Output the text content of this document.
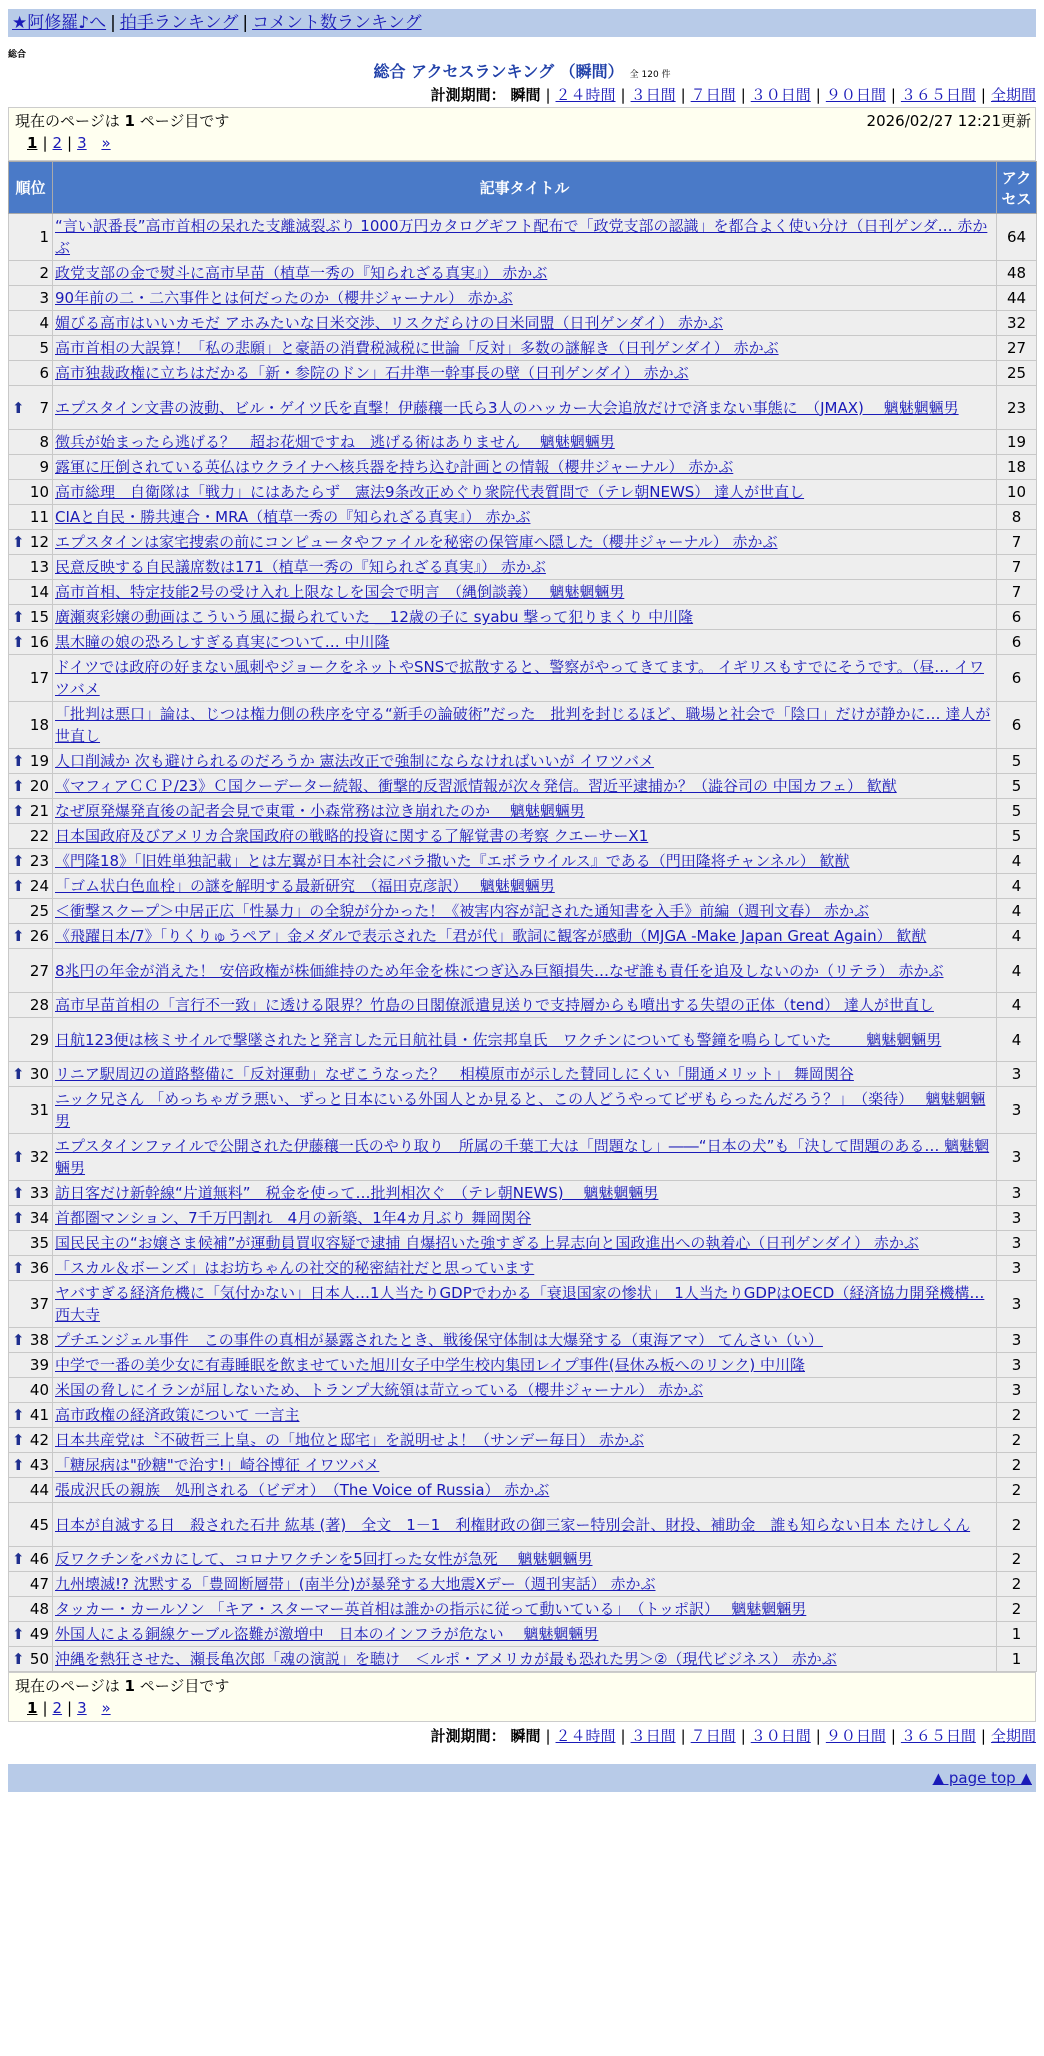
★阿修羅♪へ | 拍手ランキング | コメント数ランキング
総合
総合 アクセスランキング （瞬間） 全 120 件
計測期間： 瞬間 | ２４時間 | ３日間 | ７日間 | ３０日間 | ９０日間 | ３６５日間 | 全期間
現在のページは 1 ページ目です	2026/02/27 12:21更新
1 | 2 | 3 »
順位	記事タイトル	アクセス
1	“言い訳番長”高市首相の呆れた支離滅裂ぶり 1000万円カタログギフト配布で「政党支部の認識」を都合よく使い分け（日刊ゲンダ… 赤かぶ	64
2	政党支部の金で熨斗に高市早苗（植草一秀の『知られざる真実』） 赤かぶ	48
3	90年前の二・二六事件とは何だったのか（櫻井ジャーナル） 赤かぶ	44
4	媚びる高市はいいカモだ アホみたいな日米交渉、リスクだらけの日米同盟（日刊ゲンダイ） 赤かぶ	32
5	高市首相の大誤算！「私の悲願」と豪語の消費税減税に世論「反対」多数の謎解き（日刊ゲンダイ） 赤かぶ	27
6	高市独裁政権に立ちはだかる「新・参院のドン」石井準一幹事長の壁（日刊ゲンダイ） 赤かぶ	25

⬆ 7	エプスタイン文書の波動、ビル・ゲイツ氏を直撃！伊藤穰一氏ら3人のハッカー大会追放だけで済まない事態に　（JMAX)　 魑魅魍魎男	23
8	徴兵が始まったら逃げる？　超お花畑ですね　逃げる術はありません　 魑魅魍魎男	19
9	露軍に圧倒されている英仏はウクライナへ核兵器を持ち込む計画との情報（櫻井ジャーナル） 赤かぶ	18
10	高市総理　自衛隊は「戦力」にはあたらず　憲法9条改正めぐり衆院代表質問で（テレ朝NEWS） 達人が世直し	10
11	CIAと自民・勝共連合・MRA（植草一秀の『知られざる真実』） 赤かぶ	8

⬆ 12	エプスタインは家宅捜索の前にコンピュータやファイルを秘密の保管庫へ隠した（櫻井ジャーナル） 赤かぶ	7
13	民意反映する自民議席数は171（植草一秀の『知られざる真実』） 赤かぶ	7
14	高市首相、特定技能2号の受け入れ上限なしを国会で明言　（縄倒談義）　 魑魅魍魎男	7

⬆ 15	廣瀬爽彩嬢の動画はこういう風に撮られていた ＿12歳の子に syabu 撃って犯りまくり 中川隆	6

⬆ 16	黒木瞳の娘の恐ろしすぎる真実について… 中川隆	6
17	ドイツでは政府の好まない風刺やジョークをネットやSNSで拡散すると、警察がやってきてます。 イギリスもすでにそうです。（昼… イワツバメ	6
18	「批判は悪口」論は、じつは権力側の秩序を守る“新手の論破術”だった　批判を封じるほど、職場と社会で「陰口」だけが静かに… 達人が世直し	6

⬆ 19	人口削減か 次も避けられるのだろうか 憲法改正で強制にならなければいいが イワツバメ	5

⬆ 20	《マフィアＣＣＰ/23》Ｃ国クーデーター続報、衝撃的反習派情報が次々発信。習近平逮捕か？（澁谷司の 中国カフェ） 歓猷	5

⬆ 21	なぜ原発爆発直後の記者会見で東電・小森常務は泣き崩れたのか　 魑魅魍魎男	5
22	日本国政府及びアメリカ合衆国政府の戦略的投資に関する了解覚書の考察 クエーサーX1	5

⬆ 23	《門隆18》「旧姓単独記載」とは左翼が日本社会にバラ撒いた『エボラウイルス』である（門田隆将チャンネル） 歓猷	4

⬆ 24	「ゴム状白色血栓」の謎を解明する最新研究　（福田克彦訳）　 魑魅魍魎男	4
25	＜衝撃スクープ＞中居正広「性暴力」の全貌が分かった！《被害内容が記された通知書を入手》前編（週刊文春） 赤かぶ	4

⬆ 26	《飛躍日本/7》「りくりゅうペア」金メダルで表示された「君が代」歌詞に観客が感動（MJGA -Make Japan Great Again） 歓猷	4
27	8兆円の年金が消えた！ 安倍政権が株価維持のため年金を株につぎ込み巨額損失…なぜ誰も責任を追及しないのか（リテラ） 赤かぶ	4
28	高市早苗首相の「言行不一致」に透ける限界？竹島の日閣僚派遣見送りで支持層からも噴出する失望の正体（tend） 達人が世直し	4
29	日航123便は核ミサイルで撃墜されたと発言した元日航社員・佐宗邦皇氏　ワクチンについても警鐘を鳴らしていた　　 魑魅魍魎男	4

⬆ 30	リニア駅周辺の道路整備に「反対運動」なぜこうなった？　相模原市が示した賛同しにくい「開通メリット」 舞岡関谷	3
31	ニック兄さん 「めっちゃガラ悪い、ずっと日本にいる外国人とか見ると、この人どうやってビザもらったんだろう？」　（楽待）　 魑魅魍魎男	3

⬆ 32	エプスタインファイルで公開された伊藤穰一氏のやり取り　所属の千葉工大は「問題なし」――“日本の犬”も「決して問題のある… 魑魅魍魎男	3

⬆ 33	訪日客だけ新幹線“片道無料”　税金を使って…批判相次ぐ　（テレ朝NEWS)　 魑魅魍魎男	3

⬆ 34	首都圏マンション、7千万円割れ　4月の新築、1年4カ月ぶり 舞岡関谷	3
35	国民民主の“お嬢さま候補”が運動員買収容疑で逮捕 自爆招いた強すぎる上昇志向と国政進出への執着心（日刊ゲンダイ） 赤かぶ	3

⬆ 36	「スカル＆ボーンズ」はお坊ちゃんの社交的秘密結社だと思っています	3
37	ヤバすぎる経済危機に「気付かない」日本人…1人当たりGDPでわかる「衰退国家の惨状」　1人当たりGDPはOECD（経済協力開発機構… 西大寺	3

⬆ 38	プチエンジェル事件　この事件の真相が暴露されたとき、戦後保守体制は大爆発する（東海アマ） てんさい（い）	3
39	中学で一番の美少女に有毒睡眠を飲ませていた旭川女子中学生校内集団レイプ事件(昼休み板へのリンク) 中川隆	3
40	米国の脅しにイランが屈しないため、トランプ大統領は苛立っている（櫻井ジャーナル） 赤かぶ	3

⬆ 41	高市政権の経済政策について 一言主	2

⬆ 42	日本共産党は〝不破哲三上皇〟の「地位と邸宅」を説明せよ！（サンデー毎日） 赤かぶ	2

⬆ 43	「糖尿病は"砂糖"で治す!」崎谷博征 イワツバメ	2
44	張成沢氏の親族　処刑される（ビデオ）　（The Voice of Russia） 赤かぶ	2
45	日本が自滅する日　殺された石井 紘基 (著)　全文　1－1　利権財政の御三家ー特別会計、財投、補助金　誰も知らない日本 たけしくん	2

⬆ 46	反ワクチンをバカにして、コロナワクチンを5回打った女性が急死　 魑魅魍魎男	2
47	九州壊滅!? 沈黙する「豊岡断層帯」(南半分)が暴発する大地震Xデー（週刊実話） 赤かぶ	2
48	タッカー・カールソン 「キア・スターマー英首相は誰かの指示に従って動いている」　（トッポ訳）　 魑魅魍魎男	2

⬆ 49	外国人による銅線ケーブル盗難が激増中　日本のインフラが危ない　 魑魅魍魎男	1

⬆ 50	沖縄を熱狂させた、瀬長亀次郎「魂の演説」を聴け　＜ルポ・アメリカが最も恐れた男＞②（現代ビジネス） 赤かぶ	1
現在のページは 1 ページ目です
1 | 2 | 3 »
計測期間： 瞬間 | ２４時間 | ３日間 | ７日間 | ３０日間 | ９０日間 | ３６５日間 | 全期間
▲ page top ▲
